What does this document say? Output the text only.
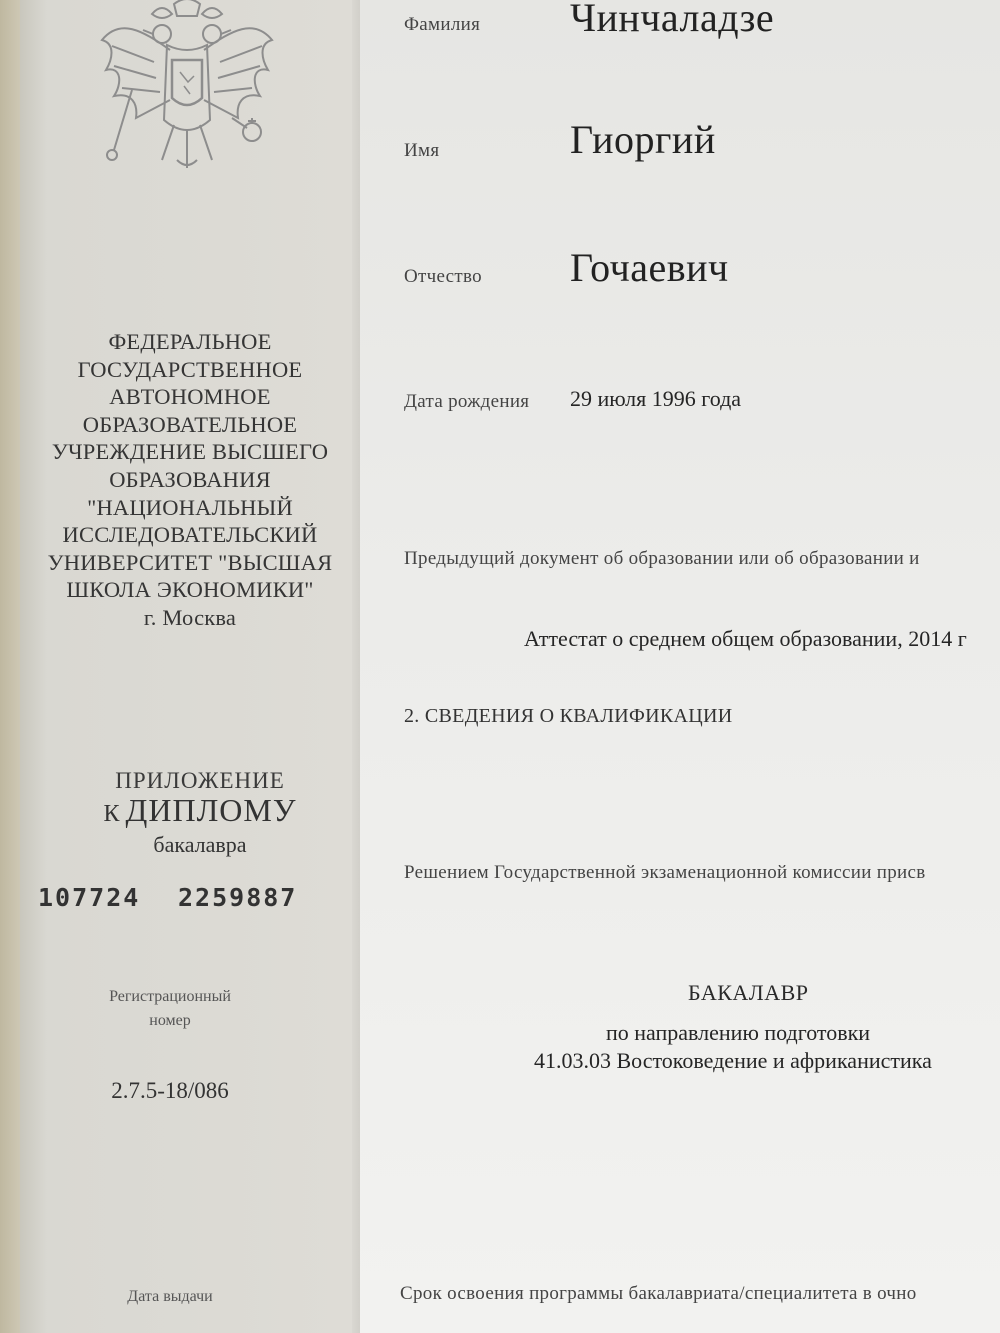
ФЕДЕРАЛЬНОЕ
ГОСУДАРСТВЕННОЕ
АВТОНОМНОЕ
ОБРАЗОВАТЕЛЬНОЕ
УЧРЕЖДЕНИЕ ВЫСШЕГО
ОБРАЗОВАНИЯ
"НАЦИОНАЛЬНЫЙ
ИССЛЕДОВАТЕЛЬСКИЙ
УНИВЕРСИТЕТ "ВЫСШАЯ
ШКОЛА ЭКОНОМИКИ"
г. Москва
ПРИЛОЖЕНИЕ
К ДИПЛОМУ
бакалавра
107724 2259887
Регистрационный
номер
2.7.5-18/086
Дата выдачи
Фамилия Чинчаладзе
Имя	Гиоргий
Отчество Гочаевич
Дата рождения 29 июля 1996 года
Предыдущий документ об образовании или об образовании и
Аттестат о среднем общем образовании, 2014 г
2. СВЕДЕНИЯ О КВАЛИФИКАЦИИ
Решением Государственной экзаменационной комиссии присв
БАКАЛАВР
по направлению подготовки
41.03.03 Востоковедение и африканистика
Срок освоения программы бакалавриата/специалитета в очно
